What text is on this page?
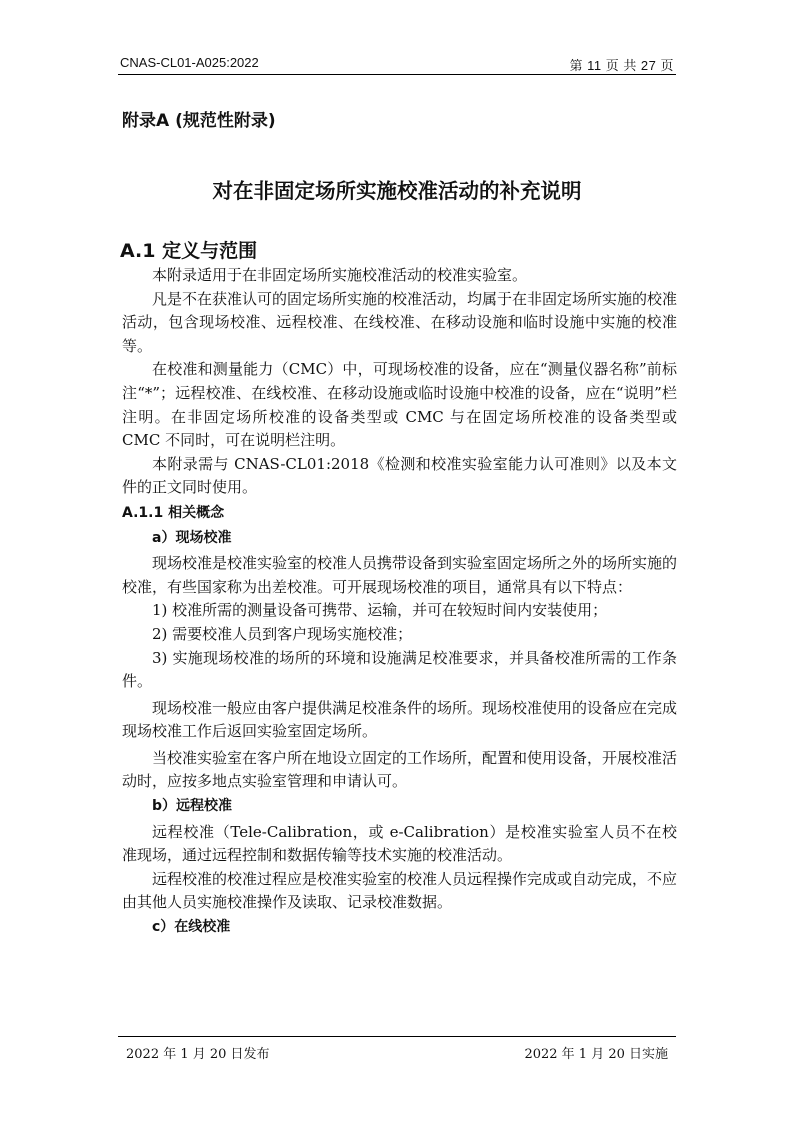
CNAS-CL01-A025:2022	第 11 页 共 27 页
附录A (规范性附录)
对在非固定场所实施校准活动的补充说明
A.1 定义与范围

本附录适用于在非固定场所实施校准活动的校准实验室。

凡是不在获准认可的固定场所实施的校准活动，均属于在非固定场所实施的校准活动，包含现场校准、远程校准、在线校准、在移动设施和临时设施中实施的校准等。

在校准和测量能力（CMC）中，可现场校准的设备，应在“测量仪器名称”前标注“*”；远程校准、在线校准、在移动设施或临时设施中校准的设备，应在“说明”栏注明。在非固定场所校准的设备类型或 CMC 与在固定场所校准的设备类型或 CMC 不同时，可在说明栏注明。

本附录需与 CNAS-CL01:2018《检测和校准实验室能力认可准则》以及本文件的正文同时使用。

A.1.1 相关概念
a）现场校准

现场校准是校准实验室的校准人员携带设备到实验室固定场所之外的场所实施的校准，有些国家称为出差校准。可开展现场校准的项目，通常具有以下特点：

1) 校准所需的测量设备可携带、运输，并可在较短时间内安装使用；

2) 需要校准人员到客户现场实施校准；

3) 实施现场校准的场所的环境和设施满足校准要求，并具备校准所需的工作条件。

现场校准一般应由客户提供满足校准条件的场所。现场校准使用的设备应在完成现场校准工作后返回实验室固定场所。

当校准实验室在客户所在地设立固定的工作场所，配置和使用设备，开展校准活动时，应按多地点实验室管理和申请认可。

b）远程校准

远程校准（Tele-Calibration，或 e-Calibration）是校准实验室人员不在校准现场，通过远程控制和数据传输等技术实施的校准活动。

远程校准的校准过程应是校准实验室的校准人员远程操作完成或自动完成，不应由其他人员实施校准操作及读取、记录校准数据。

c）在线校准
2022 年 1 月 20 日发布	2022 年 1 月 20 日实施
